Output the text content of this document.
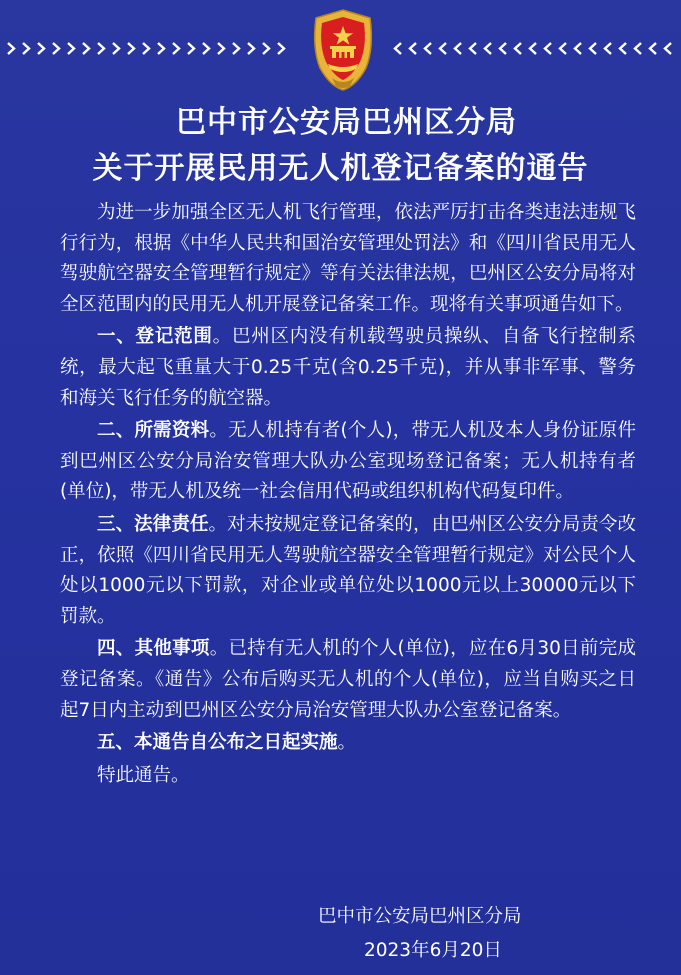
巴中市公安局巴州区分局
关于开展民用无人机登记备案的通告

为进一步加强全区无人机飞行管理，依法严厉打击各类违法违规飞行行为，根据《中华人民共和国治安管理处罚法》和《四川省民用无人驾驶航空器安全管理暂行规定》等有关法律法规，巴州区公安分局将对全区范围内的民用无人机开展登记备案工作。现将有关事项通告如下。

一、登记范围。巴州区内没有机载驾驶员操纵、自备飞行控制系统，最大起飞重量大于0.25千克(含0.25千克)，并从事非军事、警务和海关飞行任务的航空器。

二、所需资料。无人机持有者(个人)，带无人机及本人身份证原件到巴州区公安分局治安管理大队办公室现场登记备案；无人机持有者(单位)，带无人机及统一社会信用代码或组织机构代码复印件。

三、法律责任。对未按规定登记备案的，由巴州区公安分局责令改正，依照《四川省民用无人驾驶航空器安全管理暂行规定》对公民个人处以1000元以下罚款，对企业或单位处以1000元以上30000元以下罚款。

四、其他事项。已持有无人机的个人(单位)，应在6月30日前完成登记备案。《通告》公布后购买无人机的个人(单位)，应当自购买之日起7日内主动到巴州区公安分局治安管理大队办公室登记备案。

五、本通告自公布之日起实施。

特此通告。

巴中市公安局巴州区分局
2023年6月20日
